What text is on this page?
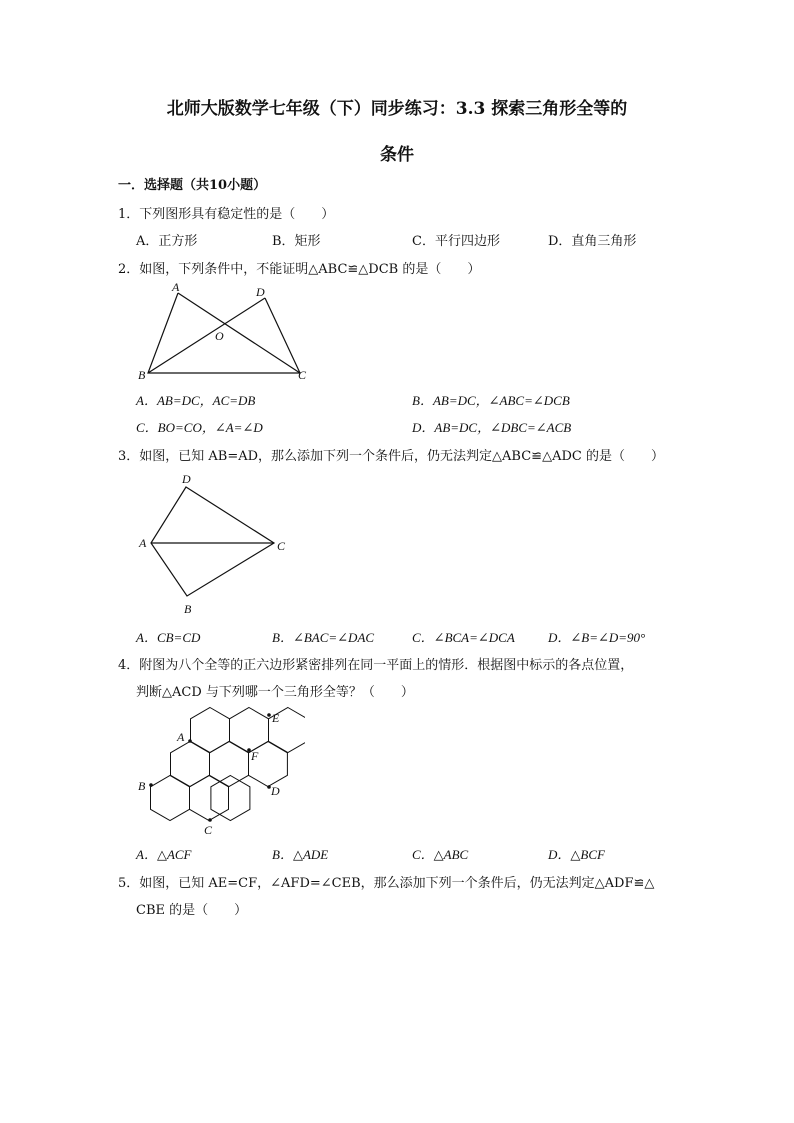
北师大版数学七年级（下）同步练习：3.3 探索三角形全等的
条件
一．选择题（共10小题）
1．下列图形具有稳定性的是（　　）
A．正方形	B．矩形	C．平行四边形	D．直角三角形
2．如图，下列条件中，不能证明△ABC≌△DCB 的是（　　）
A	D
O
B	C
A．AB=DC，AC=DB	B．AB=DC，∠ABC=∠DCB
C．BO=CO，∠A=∠D	D．AB=DC，∠DBC=∠ACB
3．如图，已知 AB=AD，那么添加下列一个条件后，仍无法判定△ABC≌△ADC 的是（　　）
D
A	C
B
A．CB=CD	B．∠BAC=∠DAC	C．∠BCA=∠DCA	D．∠B=∠D=90°
4．附图为八个全等的正六边形紧密排列在同一平面上的情形．根据图中标示的各点位置，
判断△ACD 与下列哪一个三角形全等？（　　）
A
E
F
B	D
C
A．△ACF	B．△ADE	C．△ABC	D．△BCF
5．如图，已知 AE=CF，∠AFD=∠CEB，那么添加下列一个条件后，仍无法判定△ADF≌△
CBE 的是（　　）
